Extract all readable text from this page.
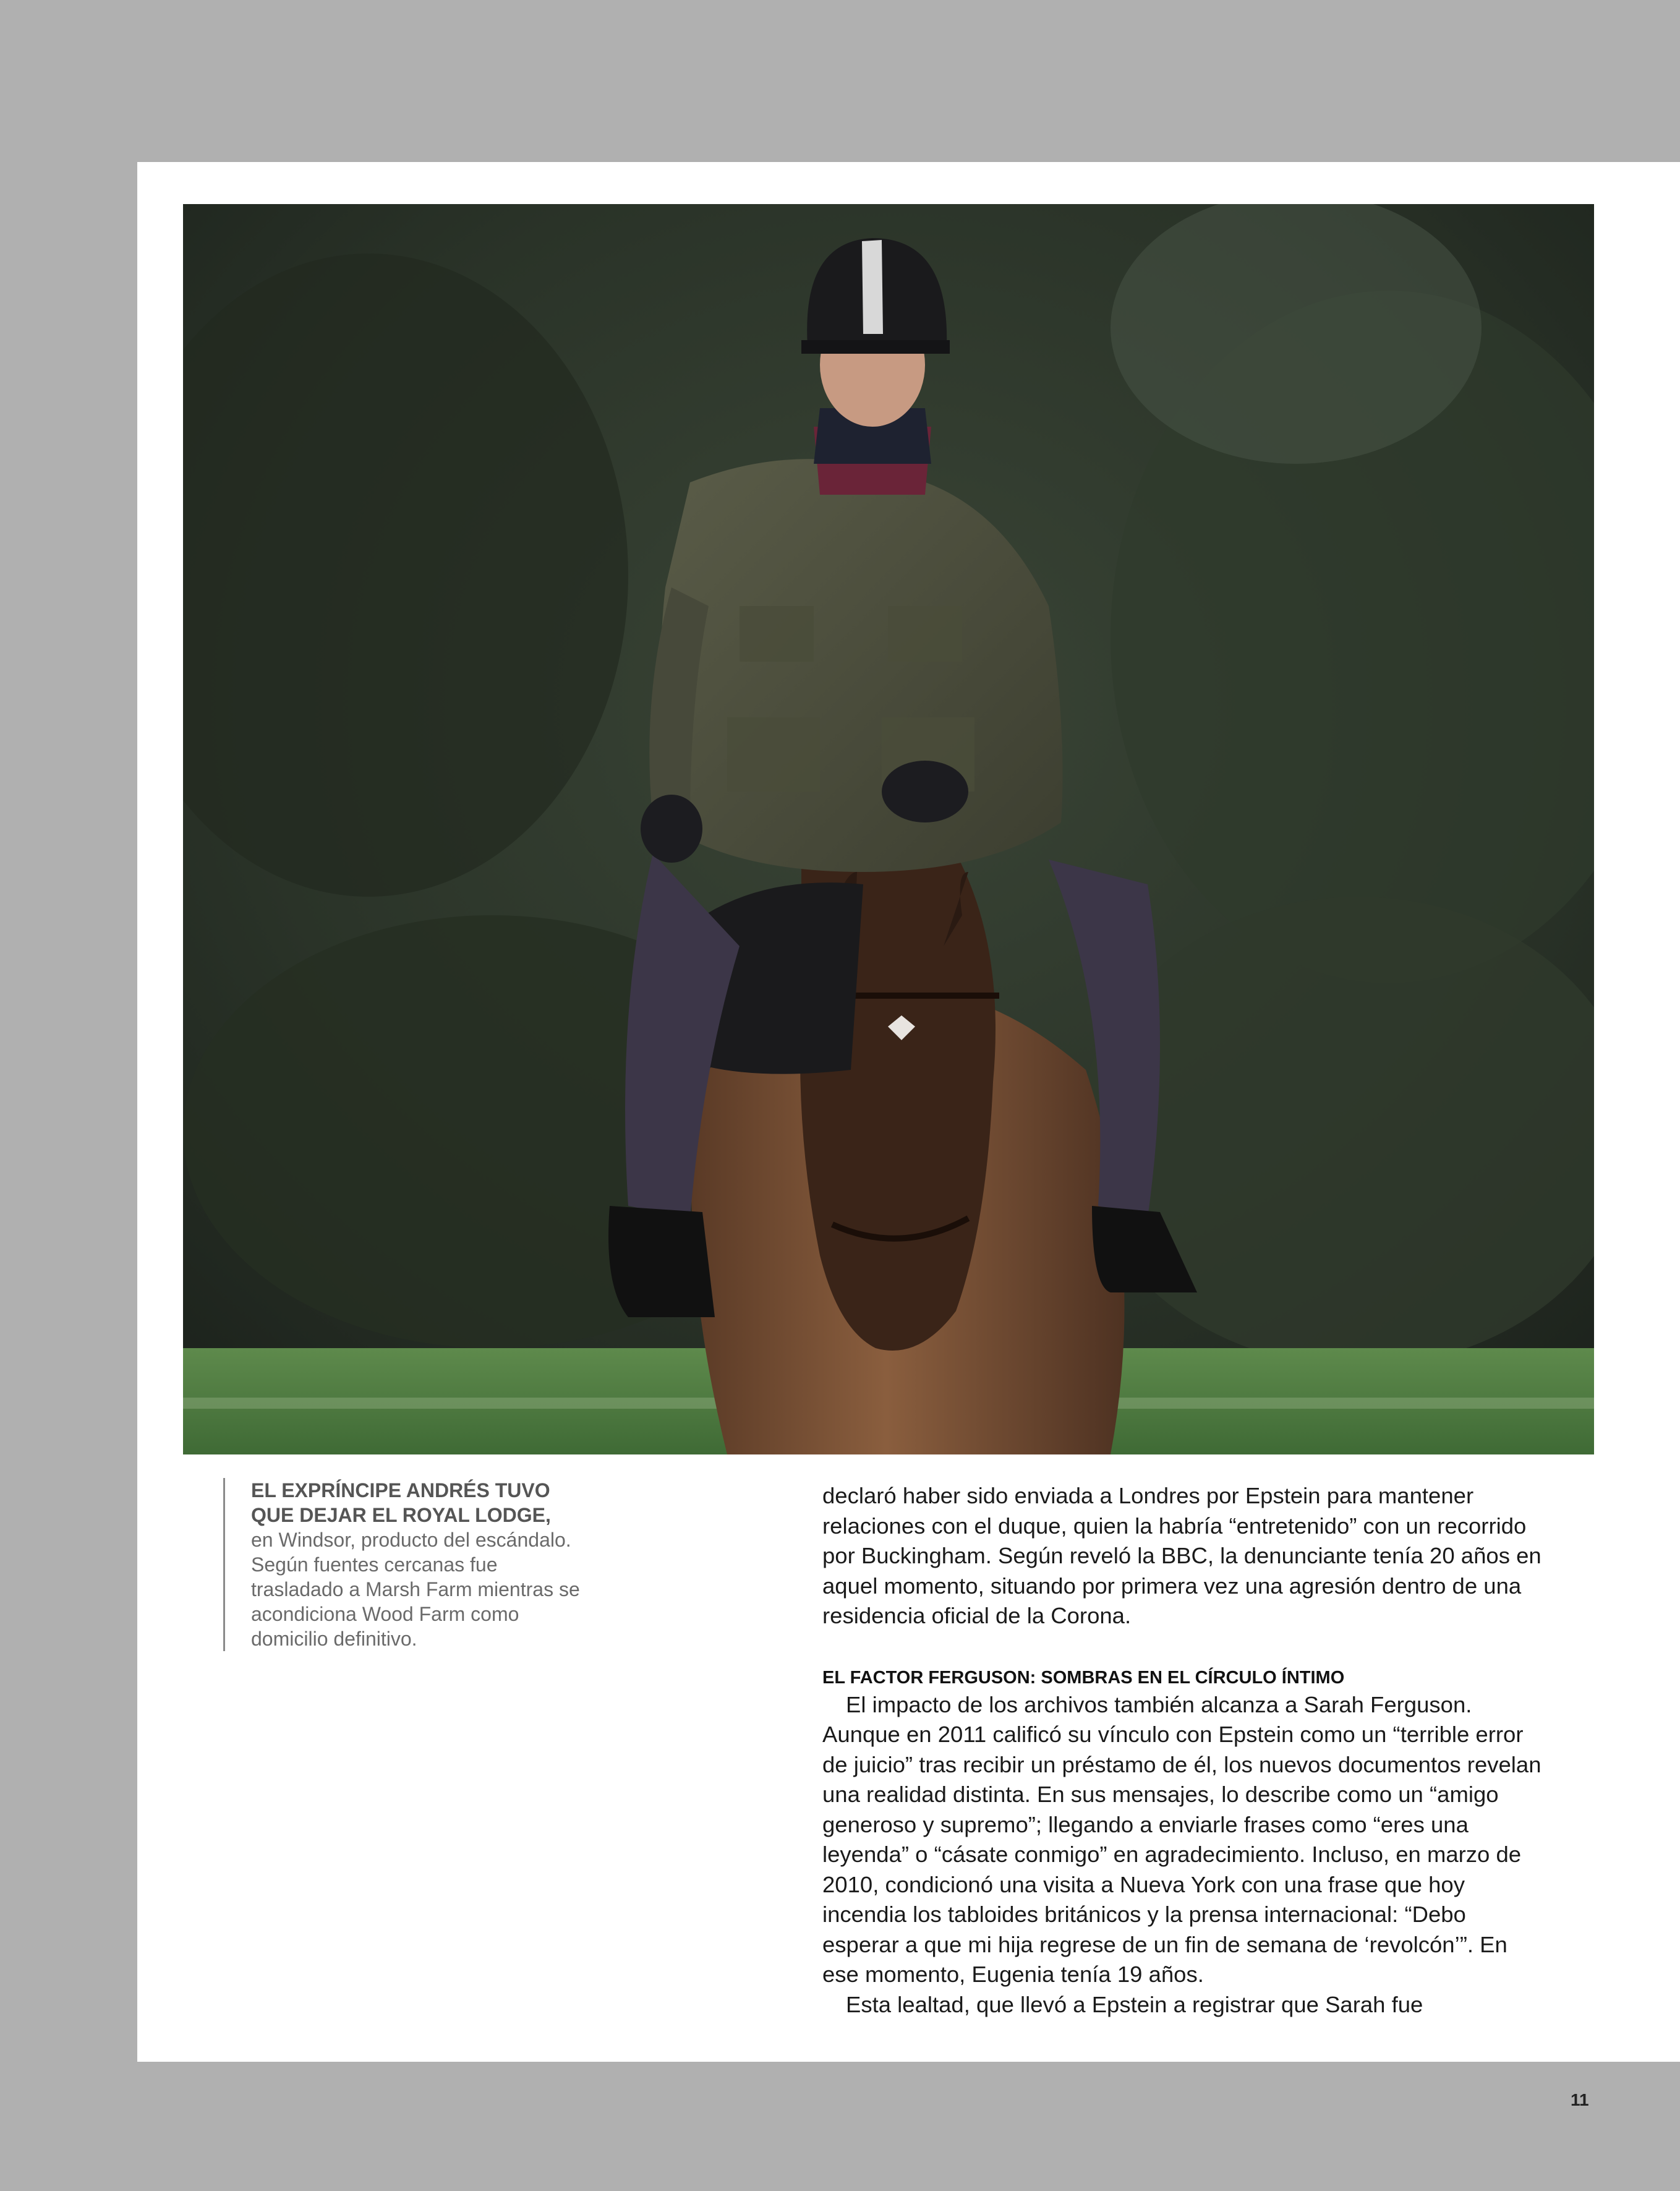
EL EXPRÍNCIPE ANDRÉS TUVO QUE DEJAR EL ROYAL LODGE,
en Windsor, producto del escándalo. Según fuentes cercanas fue trasladado a Marsh Farm mientras se acondiciona Wood Farm como domicilio definitivo.

declaró haber sido enviada a Londres por Epstein para mantener relaciones con el duque, quien la habría “entretenido” con un recorrido por Buckingham. Según reveló la BBC, la denunciante tenía 20 años en aquel momento, situando por primera vez una agresión dentro de una residencia oficial de la Corona.

EL FACTOR FERGUSON: SOMBRAS EN EL CÍRCULO ÍNTIMO

El impacto de los archivos también alcanza a Sarah Ferguson. Aunque en 2011 calificó su vínculo con Epstein como un “terrible error de juicio” tras recibir un préstamo de él, los nuevos documentos revelan una realidad distinta. En sus mensajes, lo describe como un “amigo generoso y supremo”; llegando a enviarle frases como “eres una leyenda” o “cásate conmigo” en agradecimiento. Incluso, en marzo de 2010, condicionó una visita a Nueva York con una frase que hoy incendia los tabloides británicos y la prensa internacional: “Debo esperar a que mi hija regrese de un fin de semana de ‘revolcón’”. En ese momento, Eugenia tenía 19 años.

Esta lealtad, que llevó a Epstein a registrar que Sarah fue

11
